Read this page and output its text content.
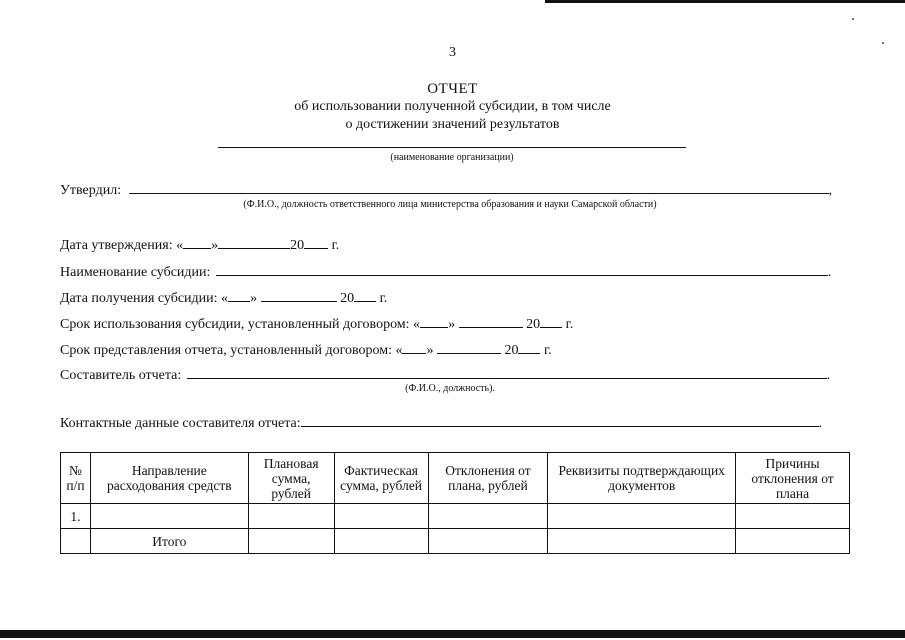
3
ОТЧЕТ
об использовании полученной субсидии, в том числе
о достижении значений результатов
(наименование организации)
Утвердил:	,
(Ф.И.О., должность ответственного лица министерства образования и науки Самарской области)
Дата утверждения: « »	20 г.
Наименование субсидии:	.
Дата получения субсидии: « »	20 г.
Срок использования субсидии, установленный договором: « »	20 г.
Срок представления отчета, установленный договором: « »	20 г.
Составитель отчета:	.
(Ф.И.О., должность).
Контактные данные составителя отчета:	.
№ п/п	Направление расходования средств	Плановая сумма, рублей	Фактическая сумма, рублей	Отклонения от плана, рублей	Реквизиты подтверждающих документов	Причины отклонения от плана
1.						
	Итого					
